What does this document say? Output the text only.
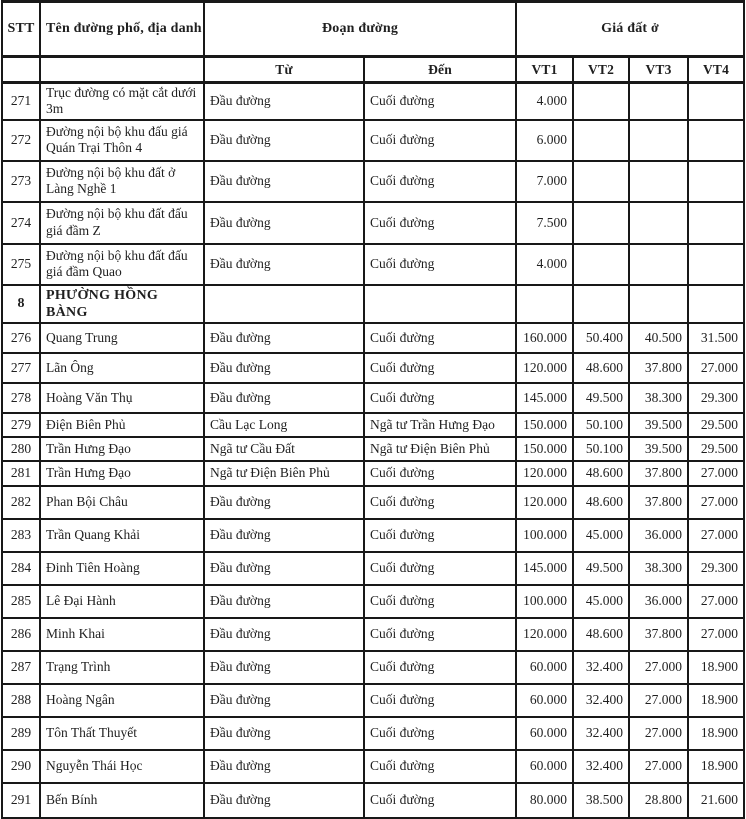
STT	Tên đường phố, địa danh	Đoạn đường		Giá đất ở			
		Từ	Đến	VT1	VT2	VT3	VT4
271	Trục đường có mặt cắt dưới 3m	Đầu đường	Cuối đường	4.000			
272	Đường nội bộ khu đấu giá Quán Trại Thôn 4	Đầu đường	Cuối đường	6.000			
273	Đường nội bộ khu đất ở Làng Nghề 1	Đầu đường	Cuối đường	7.000			
274	Đường nội bộ khu đất đấu giá đầm Z	Đầu đường	Cuối đường	7.500			
275	Đường nội bộ khu đất đấu giá đầm Quao	Đầu đường	Cuối đường	4.000			
8	PHƯỜNG HỒNG BÀNG						
276	Quang Trung	Đầu đường	Cuối đường	160.000	50.400	40.500	31.500
277	Lãn Ông	Đầu đường	Cuối đường	120.000	48.600	37.800	27.000
278	Hoàng Văn Thụ	Đầu đường	Cuối đường	145.000	49.500	38.300	29.300
279	Điện Biên Phủ	Cầu Lạc Long	Ngã tư Trần Hưng Đạo	150.000	50.100	39.500	29.500
280	Trần Hưng Đạo	Ngã tư Cầu Đất	Ngã tư Điện Biên Phủ	150.000	50.100	39.500	29.500
281	Trần Hưng Đạo	Ngã tư Điện Biên Phủ	Cuối đường	120.000	48.600	37.800	27.000
282	Phan Bội Châu	Đầu đường	Cuối đường	120.000	48.600	37.800	27.000
283	Trần Quang Khải	Đầu đường	Cuối đường	100.000	45.000	36.000	27.000
284	Đinh Tiên Hoàng	Đầu đường	Cuối đường	145.000	49.500	38.300	29.300
285	Lê Đại Hành	Đầu đường	Cuối đường	100.000	45.000	36.000	27.000
286	Minh Khai	Đầu đường	Cuối đường	120.000	48.600	37.800	27.000
287	Trạng Trình	Đầu đường	Cuối đường	60.000	32.400	27.000	18.900
288	Hoàng Ngân	Đầu đường	Cuối đường	60.000	32.400	27.000	18.900
289	Tôn Thất Thuyết	Đầu đường	Cuối đường	60.000	32.400	27.000	18.900
290	Nguyễn Thái Học	Đầu đường	Cuối đường	60.000	32.400	27.000	18.900
291	Bến Bính	Đầu đường	Cuối đường	80.000	38.500	28.800	21.600
